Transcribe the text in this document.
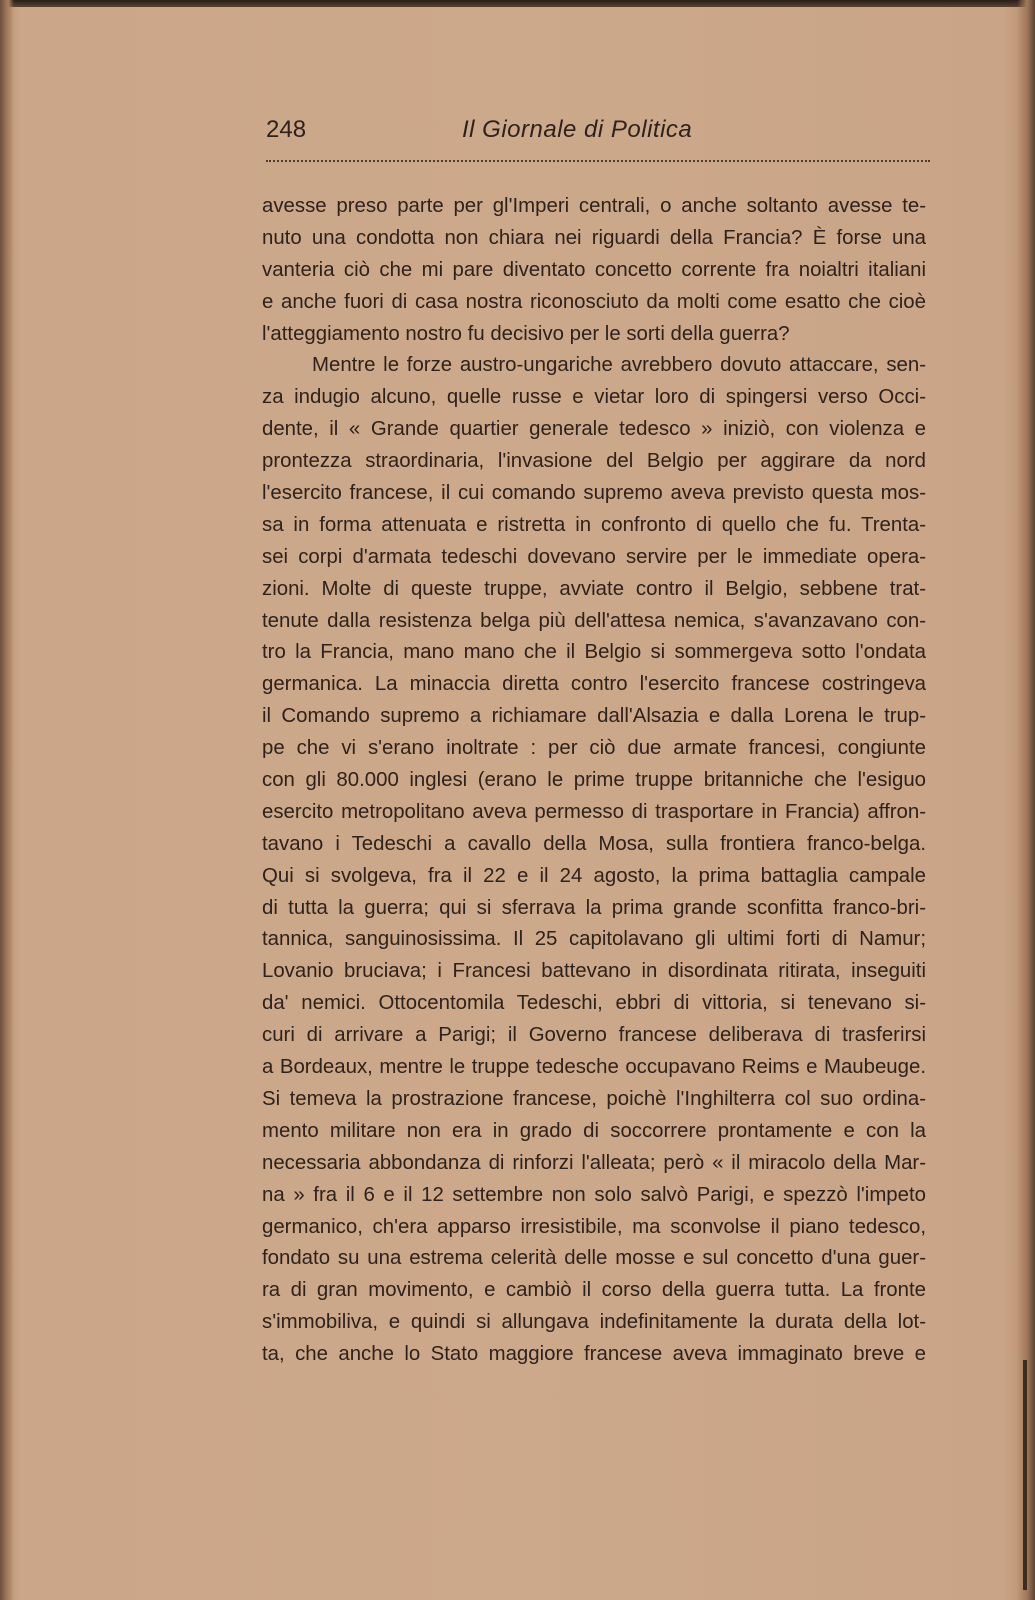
248	Il Giornale di Politica
avesse preso parte per gl'Imperi centrali, o anche soltanto avesse te-
nuto una condotta non chiara nei riguardi della Francia? È forse una
vanteria ciò che mi pare diventato concetto corrente fra noialtri italiani
e anche fuori di casa nostra riconosciuto da molti come esatto che cioè
l'atteggiamento nostro fu decisivo per le sorti della guerra?
Mentre le forze austro-ungariche avrebbero dovuto attaccare, sen-
za indugio alcuno, quelle russe e vietar loro di spingersi verso Occi-
dente, il « Grande quartier generale tedesco » iniziò, con violenza e
prontezza straordinaria, l'invasione del Belgio per aggirare da nord
l'esercito francese, il cui comando supremo aveva previsto questa mos-
sa in forma attenuata e ristretta in confronto di quello che fu. Trenta-
sei corpi d'armata tedeschi dovevano servire per le immediate opera-
zioni. Molte di queste truppe, avviate contro il Belgio, sebbene trat-
tenute dalla resistenza belga più dell'attesa nemica, s'avanzavano con-
tro la Francia, mano mano che il Belgio si sommergeva sotto l'ondata
germanica. La minaccia diretta contro l'esercito francese costringeva
il Comando supremo a richiamare dall'Alsazia e dalla Lorena le trup-
pe che vi s'erano inoltrate : per ciò due armate francesi, congiunte
con gli 80.000 inglesi (erano le prime truppe britanniche che l'esiguo
esercito metropolitano aveva permesso di trasportare in Francia) affron-
tavano i Tedeschi a cavallo della Mosa, sulla frontiera franco-belga.
Qui si svolgeva, fra il 22 e il 24 agosto, la prima battaglia campale
di tutta la guerra; qui si sferrava la prima grande sconfitta franco-bri-
tannica, sanguinosissima. Il 25 capitolavano gli ultimi forti di Namur;
Lovanio bruciava; i Francesi battevano in disordinata ritirata, inseguiti
da' nemici. Ottocentomila Tedeschi, ebbri di vittoria, si tenevano si-
curi di arrivare a Parigi; il Governo francese deliberava di trasferirsi
a Bordeaux, mentre le truppe tedesche occupavano Reims e Maubeuge.
Si temeva la prostrazione francese, poichè l'Inghilterra col suo ordina-
mento militare non era in grado di soccorrere prontamente e con la
necessaria abbondanza di rinforzi l'alleata; però « il miracolo della Mar-
na » fra il 6 e il 12 settembre non solo salvò Parigi, e spezzò l'impeto
germanico, ch'era apparso irresistibile, ma sconvolse il piano tedesco,
fondato su una estrema celerità delle mosse e sul concetto d'una guer-
ra di gran movimento, e cambiò il corso della guerra tutta. La fronte
s'immobiliva, e quindi si allungava indefinitamente la durata della lot-
ta, che anche lo Stato maggiore francese aveva immaginato breve e
